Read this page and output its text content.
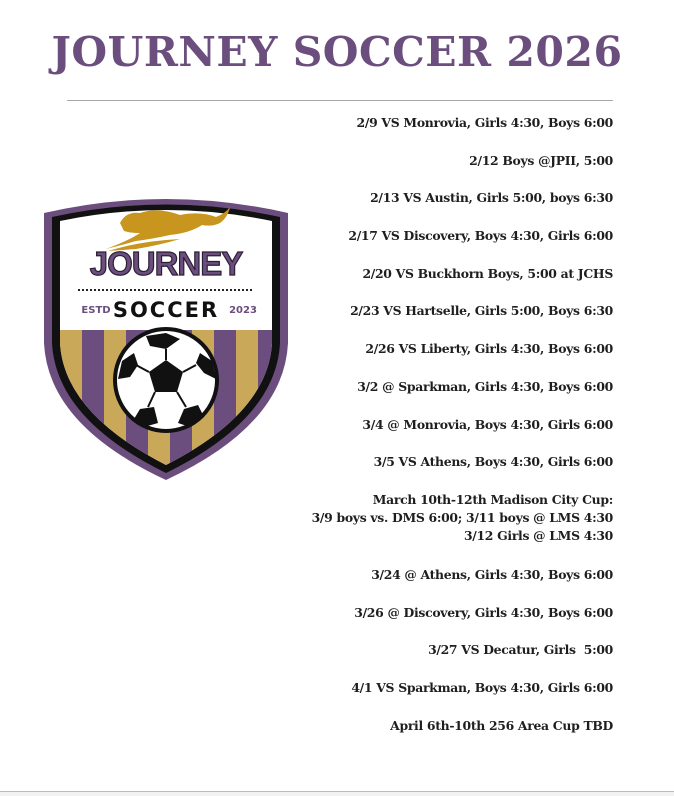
JOURNEY SOCCER 2026
JOURNEY
ESTD SOCCER 2023
2/9 VS Monrovia, Girls 4:30, Boys 6:00
2/12 Boys @JPII, 5:00
2/13 VS Austin, Girls 5:00, boys 6:30
2/17 VS Discovery, Boys 4:30, Girls 6:00
2/20 VS Buckhorn Boys, 5:00 at JCHS
2/23 VS Hartselle, Girls 5:00, Boys 6:30
2/26 VS Liberty, Girls 4:30, Boys 6:00
3/2 @ Sparkman, Girls 4:30, Boys 6:00
3/4 @ Monrovia, Boys 4:30, Girls 6:00
3/5 VS Athens, Boys 4:30, Girls 6:00
March 10th-12th Madison City Cup:
3/9 boys vs. DMS 6:00; 3/11 boys @ LMS 4:30
3/12 Girls @ LMS 4:30
3/24 @ Athens, Girls 4:30, Boys 6:00
3/26 @ Discovery, Girls 4:30, Boys 6:00
3/27 VS Decatur, Girls  5:00
4/1 VS Sparkman, Boys 4:30, Girls 6:00
April 6th-10th 256 Area Cup TBD
